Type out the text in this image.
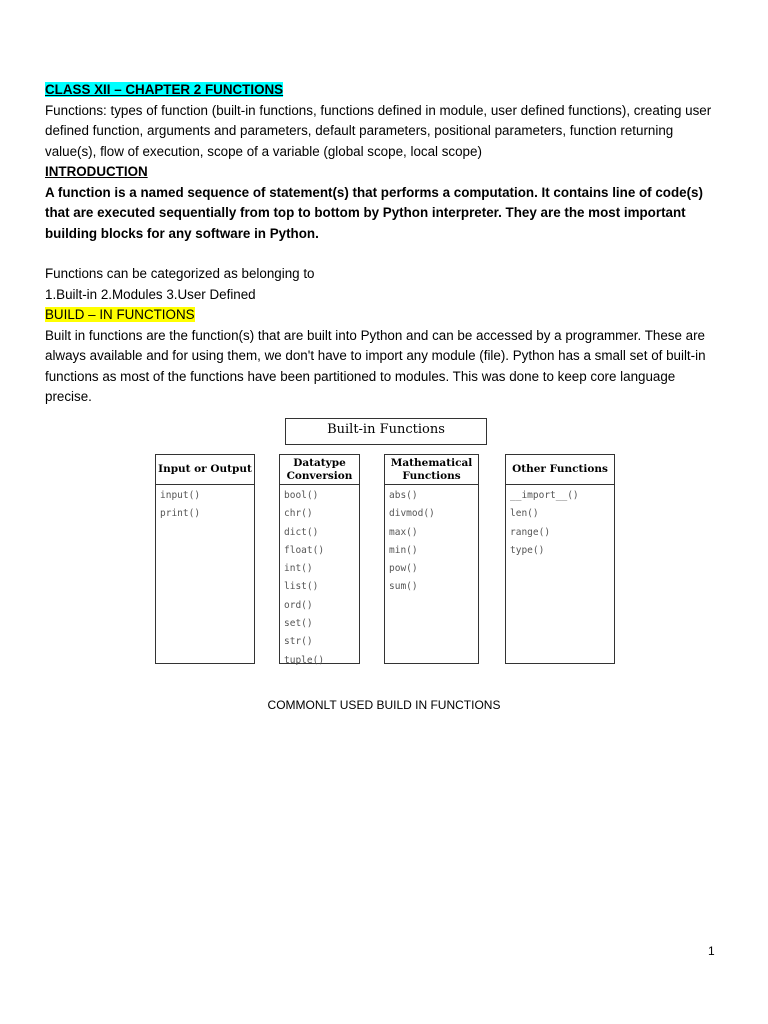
CLASS XII – CHAPTER 2 FUNCTIONS

Functions: types of function (built-in functions, functions defined in module, user defined functions), creating user defined function, arguments and parameters, default parameters, positional parameters, function returning value(s), flow of execution, scope of a variable (global scope, local scope)

INTRODUCTION

A function is a named sequence of statement(s) that performs a computation. It contains line of code(s) that are executed sequentially from top to bottom by Python interpreter. They are the most important building blocks for any software in Python.

Functions can be categorized as belonging to

1.Built-in 2.Modules 3.User Defined

BUILD – IN FUNCTIONS

Built in functions are the function(s) that are built into Python and can be accessed by a programmer. These are always available and for using them, we don't have to import any module (file). Python has a small set of built-in functions as most of the functions have been partitioned to modules. This was done to keep core language precise.

Built-in Functions
Input or Output
input()
print()
Datatype Conversion
bool()
chr()
dict()
float()
int()
list()
ord()
set()
str()
tuple()
Mathematical Functions
abs()
divmod()
max()
min()
pow()
sum()
Other Functions
__import__()
len()
range()
type()
COMMONLT USED BUILD IN FUNCTIONS
1
